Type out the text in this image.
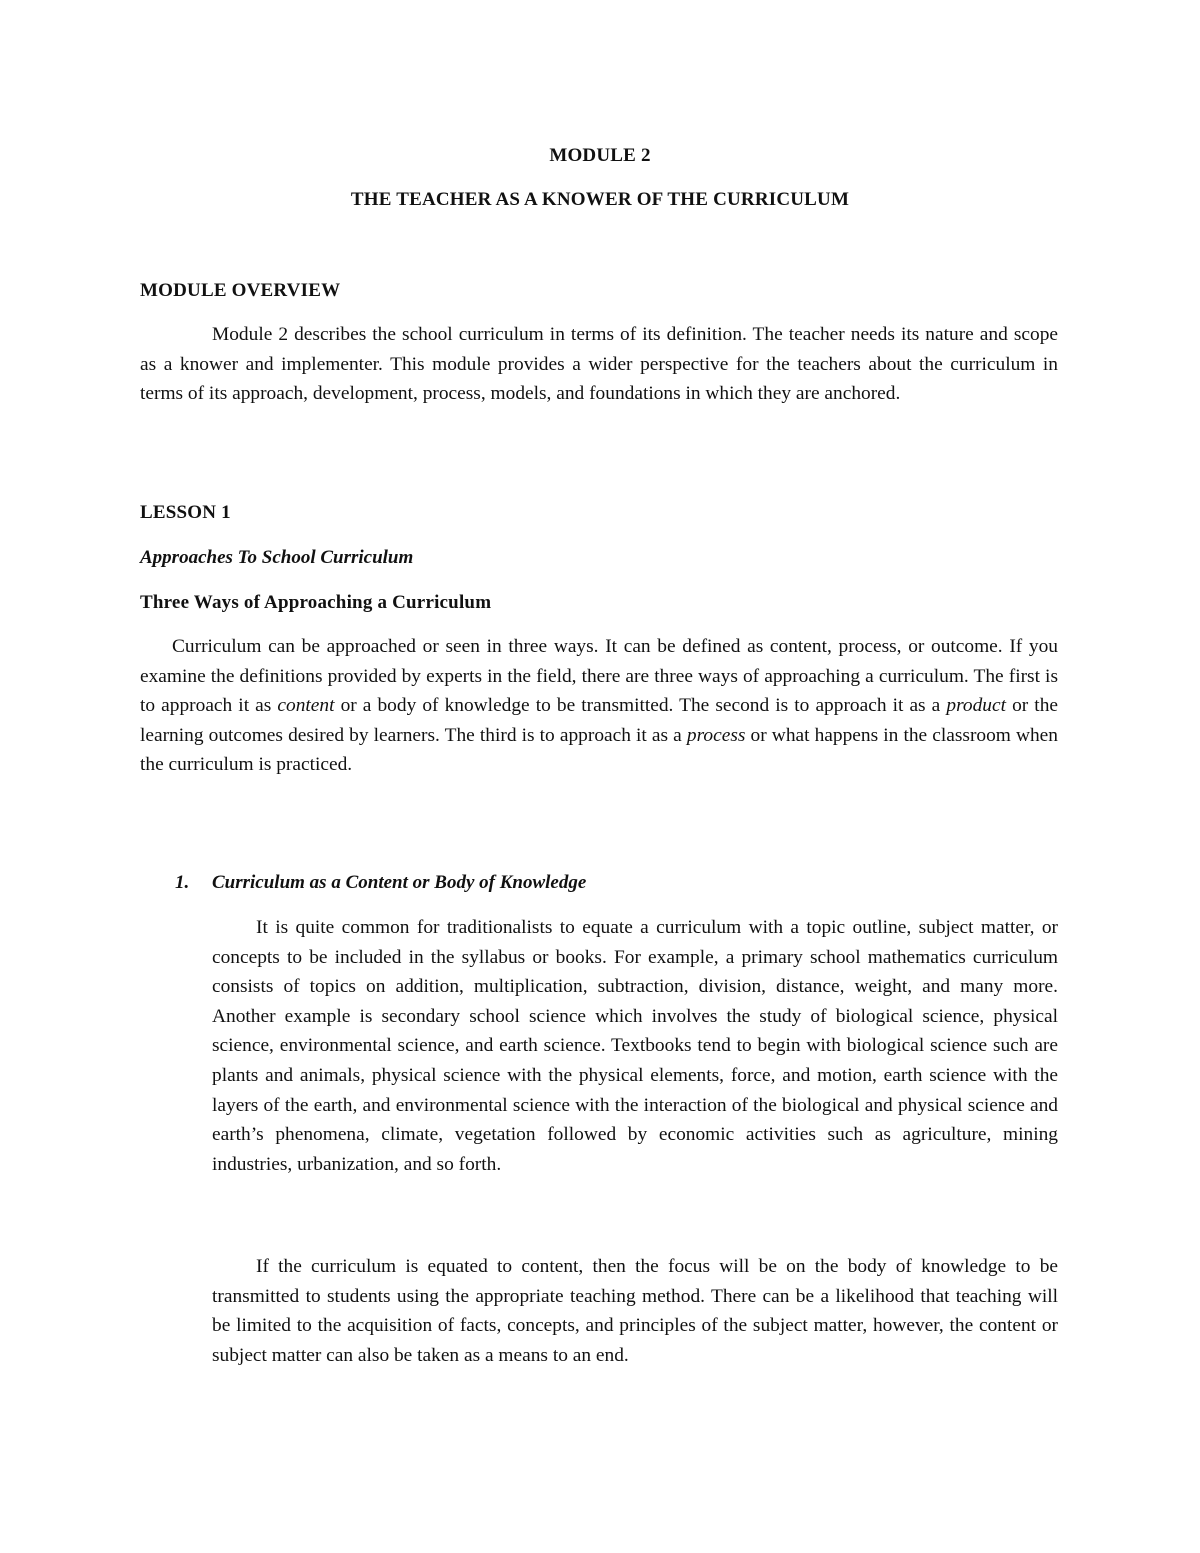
MODULE 2
THE TEACHER AS A KNOWER OF THE CURRICULUM
MODULE OVERVIEW

Module 2 describes the school curriculum in terms of its definition. The teacher needs its nature and scope as a knower and implementer. This module provides a wider perspective for the teachers about the curriculum in terms of its approach, development, process, models, and foundations in which they are anchored.

LESSON 1
Approaches To School Curriculum
Three Ways of Approaching a Curriculum

Curriculum can be approached or seen in three ways. It can be defined as content, process, or outcome. If you examine the definitions provided by experts in the field, there are three ways of approaching a curriculum. The first is to approach it as content or a body of knowledge to be transmitted. The second is to approach it as a product or the learning outcomes desired by learners. The third is to approach it as a process or what happens in the classroom when the curriculum is practiced.

1. Curriculum as a Content or Body of Knowledge

It is quite common for traditionalists to equate a curriculum with a topic outline, subject matter, or concepts to be included in the syllabus or books. For example, a primary school mathematics curriculum consists of topics on addition, multiplication, subtraction, division, distance, weight, and many more. Another example is secondary school science which involves the study of biological science, physical science, environmental science, and earth science. Textbooks tend to begin with biological science such are plants and animals, physical science with the physical elements, force, and motion, earth science with the layers of the earth, and environmental science with the interaction of the biological and physical science and earth’s phenomena, climate, vegetation followed by economic activities such as agriculture, mining industries, urbanization, and so forth.

If the curriculum is equated to content, then the focus will be on the body of knowledge to be transmitted to students using the appropriate teaching method. There can be a likelihood that teaching will be limited to the acquisition of facts, concepts, and principles of the subject matter, however, the content or subject matter can also be taken as a means to an end.
